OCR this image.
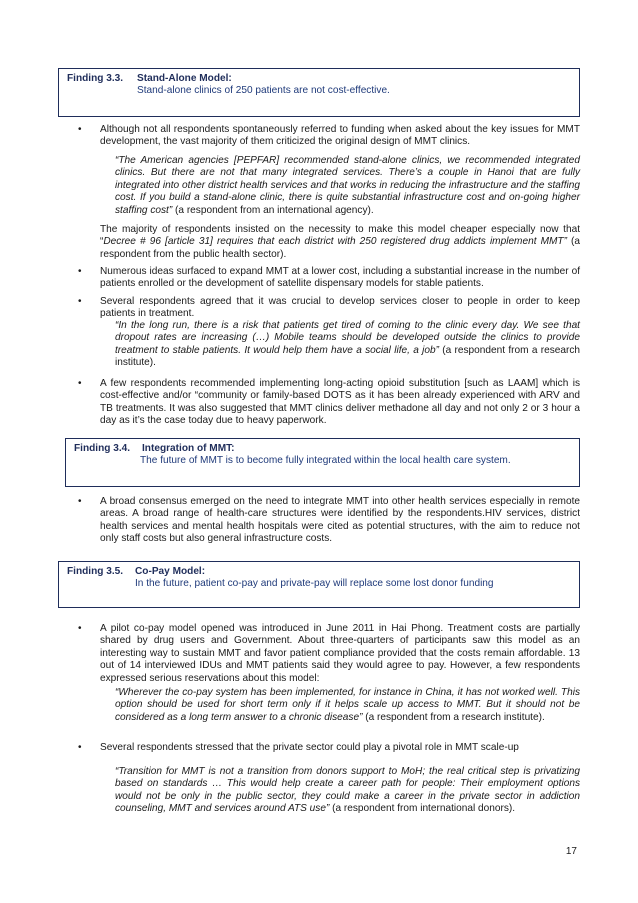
Finding 3.3. Stand-Alone Model:
Stand-alone clinics of 250 patients are not cost-effective.
• Although not all respondents spontaneously referred to funding when asked about the key issues for MMT development, the vast majority of them criticized the original design of MMT clinics.
“The American agencies [PEPFAR] recommended stand-alone clinics, we recommended integrated clinics. But there are not that many integrated services. There’s a couple in Hanoi that are fully integrated into other district health services and that works in reducing the infrastructure and the staffing cost. If you build a stand-alone clinic, there is quite substantial infrastructure cost and on-going higher staffing cost” (a respondent from an international agency).
The majority of respondents insisted on the necessity to make this model cheaper especially now that “Decree # 96 [article 31] requires that each district with 250 registered drug addicts implement MMT” (a respondent from the public health sector).
• Numerous ideas surfaced to expand MMT at a lower cost, including a substantial increase in the number of patients enrolled or the development of satellite dispensary models for stable patients.
• Several respondents agreed that it was crucial to develop services closer to people in order to keep patients in treatment.
“In the long run, there is a risk that patients get tired of coming to the clinic every day. We see that dropout rates are increasing (…) Mobile teams should be developed outside the clinics to provide treatment to stable patients. It would help them have a social life, a job” (a respondent from a research institute).
• A few respondents recommended implementing long-acting opioid substitution [such as LAAM] which is cost-effective and/or “community or family-based DOTS as it has been already experienced with ARV and TB treatments. It was also suggested that MMT clinics deliver methadone all day and not only 2 or 3 hour a day as it’s the case today due to heavy paperwork.
Finding 3.4. Integration of MMT:
The future of MMT is to become fully integrated within the local health care system.
• A broad consensus emerged on the need to integrate MMT into other health services especially in remote areas. A broad range of health-care structures were identified by the respondents.HIV services, district health services and mental health hospitals were cited as potential structures, with the aim to reduce not only staff costs but also general infrastructure costs.
Finding 3.5. Co-Pay Model:
In the future, patient co-pay and private-pay will replace some lost donor funding
• A pilot co-pay model opened was introduced in June 2011 in Hai Phong. Treatment costs are partially shared by drug users and Government. About three-quarters of participants saw this model as an interesting way to sustain MMT and favor patient compliance provided that the costs remain affordable. 13 out of 14 interviewed IDUs and MMT patients said they would agree to pay. However, a few respondents expressed serious reservations about this model:
“Wherever the co-pay system has been implemented, for instance in China, it has not worked well. This option should be used for short term only if it helps scale up access to MMT. But it should not be considered as a long term answer to a chronic disease” (a respondent from a research institute).
• Several respondents stressed that the private sector could play a pivotal role in MMT scale-up
“Transition for MMT is not a transition from donors support to MoH; the real critical step is privatizing based on standards … This would help create a career path for people: Their employment options would not be only in the public sector, they could make a career in the private sector in addiction counseling, MMT and services around ATS use” (a respondent from international donors).
17
